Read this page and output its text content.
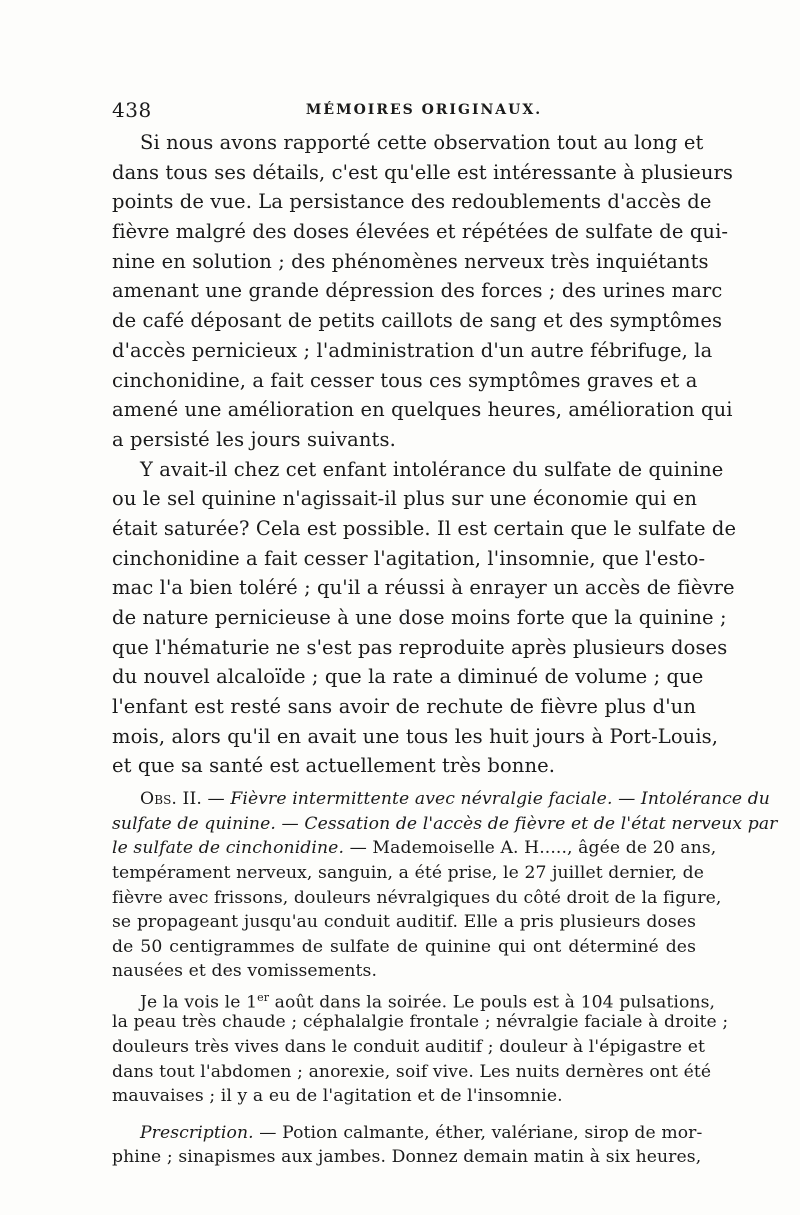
438	MÉMOIRES ORIGINAUX.
Si nous avons rapporté cette observation tout au long et
dans tous ses détails, c'est qu'elle est intéressante à plusieurs
points de vue. La persistance des redoublements d'accès de
fièvre malgré des doses élevées et répétées de sulfate de qui-
nine en solution ; des phénomènes nerveux très inquiétants
amenant une grande dépression des forces ; des urines marc
de café déposant de petits caillots de sang et des symptômes
d'accès pernicieux ; l'administration d'un autre fébrifuge, la
cinchonidine, a fait cesser tous ces symptômes graves et a
amené une amélioration en quelques heures, amélioration qui
a persisté les jours suivants.
Y avait-il chez cet enfant intolérance du sulfate de quinine
ou le sel quinine n'agissait-il plus sur une économie qui en
était saturée? Cela est possible. Il est certain que le sulfate de
cinchonidine a fait cesser l'agitation, l'insomnie, que l'esto-
mac l'a bien toléré ; qu'il a réussi à enrayer un accès de fièvre
de nature pernicieuse à une dose moins forte que la quinine ;
que l'hématurie ne s'est pas reproduite après plusieurs doses
du nouvel alcaloïde ; que la rate a diminué de volume ; que
l'enfant est resté sans avoir de rechute de fièvre plus d'un
mois, alors qu'il en avait une tous les huit jours à Port-Louis,
et que sa santé est actuellement très bonne.
Obs. II. — Fièvre intermittente avec névralgie faciale. — Intolérance du
sulfate de quinine. — Cessation de l'accès de fièvre et de l'état nerveux par
le sulfate de cinchonidine. — Mademoiselle A. H....., âgée de 20 ans,
tempérament nerveux, sanguin, a été prise, le 27 juillet dernier, de
fièvre avec frissons, douleurs névralgiques du côté droit de la figure,
se propageant jusqu'au conduit auditif. Elle a pris plusieurs doses
de 50 centigrammes de sulfate de quinine qui ont déterminé des
nausées et des vomissements.
Je la vois le 1er août dans la soirée. Le pouls est à 104 pulsations,
la peau très chaude ; céphalalgie frontale ; névralgie faciale à droite ;
douleurs très vives dans le conduit auditif ; douleur à l'épigastre et
dans tout l'abdomen ; anorexie, soif vive. Les nuits dernères ont été
mauvaises ; il y a eu de l'agitation et de l'insomnie.
Prescription. — Potion calmante, éther, valériane, sirop de mor-
phine ; sinapismes aux jambes. Donnez demain matin à six heures,
